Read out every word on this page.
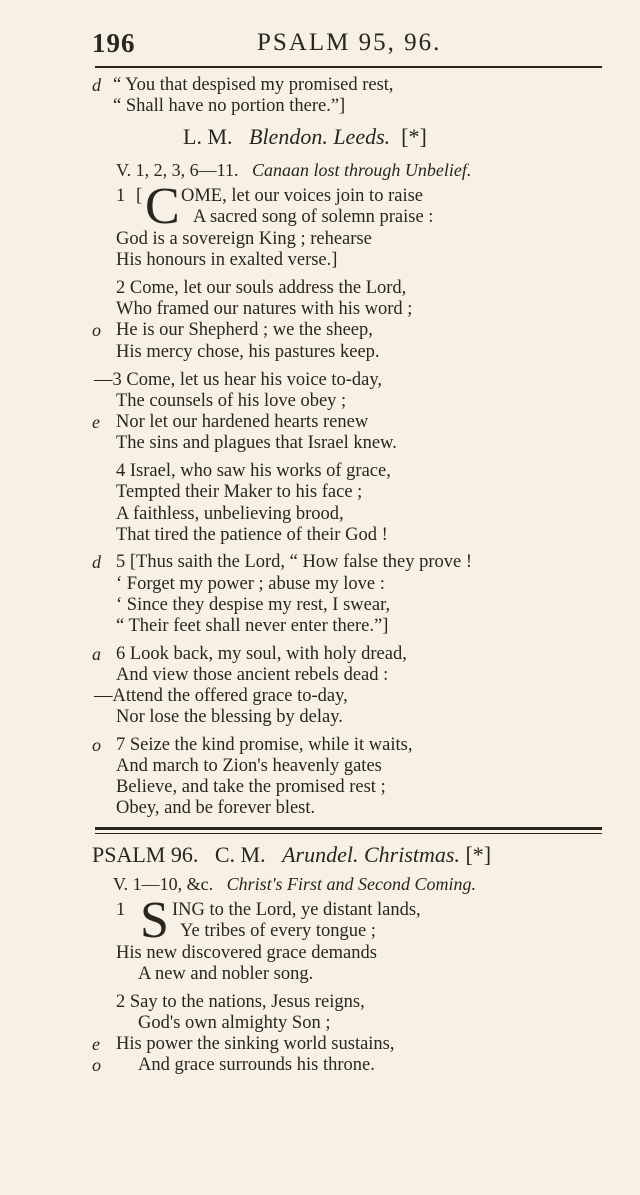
196	PSALM 95, 96.
d “ You that despised my promised rest,
“ Shall have no portion there.”]
L. M. Blendon. Leeds. [*]
V. 1, 2, 3, 6—11. Canaan lost through Unbelief.
1 [ C OME, let our voices join to raise
A sacred song of solemn praise :
God is a sovereign King ; rehearse
His honours in exalted verse.]
2 Come, let our souls address the Lord,
Who framed our natures with his word ;
o He is our Shepherd ; we the sheep,
His mercy chose, his pastures keep.
—3 Come, let us hear his voice to-day,
The counsels of his love obey ;
e Nor let our hardened hearts renew
The sins and plagues that Israel knew.
4 Israel, who saw his works of grace,
Tempted their Maker to his face ;
A faithless, unbelieving brood,
That tired the patience of their God !
d 5 [Thus saith the Lord, “ How false they prove !
‘ Forget my power ; abuse my love :
‘ Since they despise my rest, I swear,
“ Their feet shall never enter there.”]
a 6 Look back, my soul, with holy dread,
And view those ancient rebels dead :
—Attend the offered grace to-day,
Nor lose the blessing by delay.
o 7 Seize the kind promise, while it waits,
And march to Zion's heavenly gates
Believe, and take the promised rest ;
Obey, and be forever blest.
PSALM 96. C. M. Arundel. Christmas. [*]
V. 1—10, &c. Christ's First and Second Coming.
1 S ING to the Lord, ye distant lands,
Ye tribes of every tongue ;
His new discovered grace demands
A new and nobler song.
2 Say to the nations, Jesus reigns,
God's own almighty Son ;
e His power the sinking world sustains,
o And grace surrounds his throne.
